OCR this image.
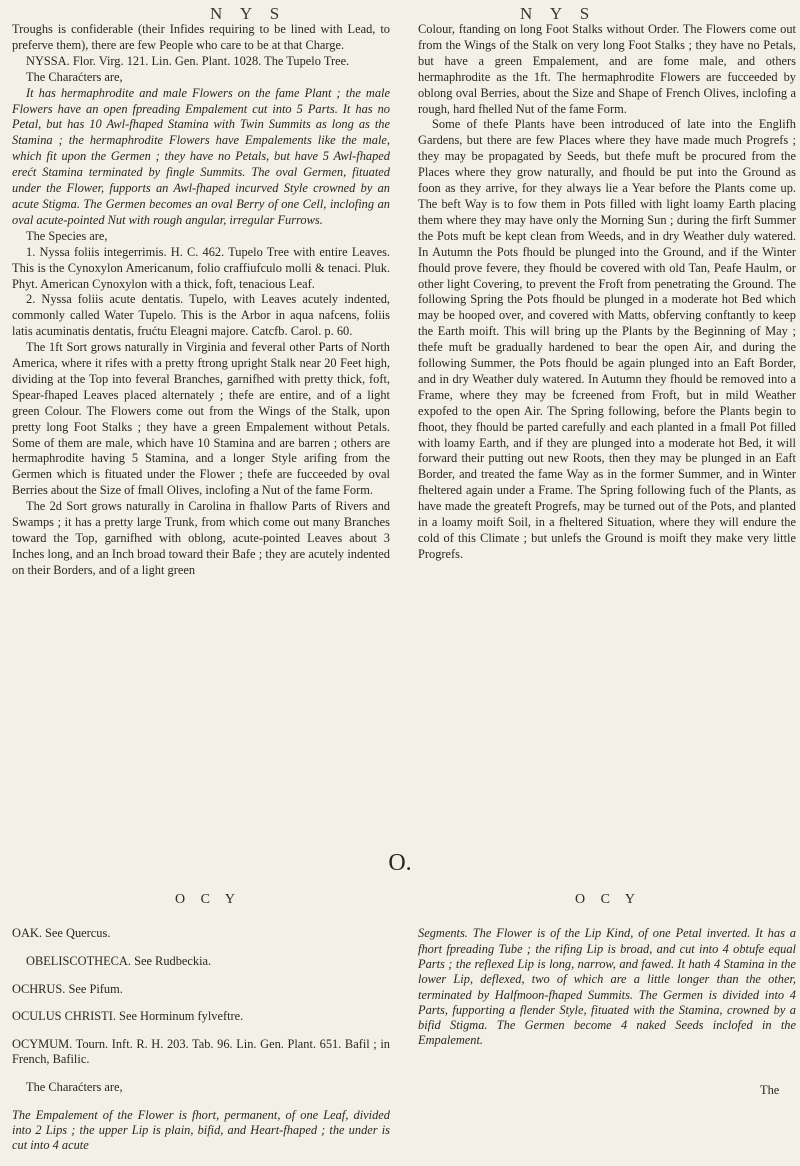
N Y S	N Y S

Troughs is confiderable (their Infides requiring to be lined with Lead, to preferve them), there are few People who care to be at that Charge.

NYSSA. Flor. Virg. 121. Lin. Gen. Plant. 1028. The Tupelo Tree.

The Charaćters are,

It has hermaphrodite and male Flowers on the fame Plant ; the male Flowers have an open fpreading Empalement cut into 5 Parts. It has no Petal, but has 10 Awl-fhaped Stamina with Twin Summits as long as the Stamina ; the hermaphrodite Flowers have Empalements like the male, which fit upon the Germen ; they have no Petals, but have 5 Awl-fhaped erećt Stamina terminated by fingle Summits. The oval Germen, fituated under the Flower, fupports an Awl-fhaped incurved Style crowned by an acute Stigma. The Germen becomes an oval Berry of one Cell, inclofing an oval acute-pointed Nut with rough angular, irregular Furrows.

The Species are,

1. Nyssa foliis integerrimis. H. C. 462. Tupelo Tree with entire Leaves. This is the Cynoxylon Americanum, folio craffiufculo molli & tenaci. Pluk. Phyt. American Cynoxylon with a thick, foft, tenacious Leaf.

2. Nyssa foliis acute dentatis. Tupelo, with Leaves acutely indented, commonly called Water Tupelo. This is the Arbor in aqua nafcens, foliis latis acuminatis dentatis, frućtu Eleagni majore. Catcfb. Carol. p. 60.

The 1ft Sort grows naturally in Virginia and feveral other Parts of North America, where it rifes with a pretty ftrong upright Stalk near 20 Feet high, dividing at the Top into feveral Branches, garnifhed with pretty thick, foft, Spear-fhaped Leaves placed alternately ; thefe are entire, and of a light green Colour. The Flowers come out from the Wings of the Stalk, upon pretty long Foot Stalks ; they have a green Empalement without Petals. Some of them are male, which have 10 Stamina and are barren ; others are hermaphrodite having 5 Stamina, and a longer Style arifing from the Germen which is fituated under the Flower ; thefe are fucceeded by oval Berries about the Size of fmall Olives, inclofing a Nut of the fame Form.

The 2d Sort grows naturally in Carolina in fhallow Parts of Rivers and Swamps ; it has a pretty large Trunk, from which come out many Branches toward the Top, garnifhed with oblong, acute-pointed Leaves about 3 Inches long, and an Inch broad toward their Bafe ; they are acutely indented on their Borders, and of a light green

Colour, ftanding on long Foot Stalks without Order. The Flowers come out from the Wings of the Stalk on very long Foot Stalks ; they have no Petals, but have a green Empalement, and are fome male, and others hermaphrodite as the 1ft. The hermaphrodite Flowers are fucceeded by oblong oval Berries, about the Size and Shape of French Olives, inclofing a rough, hard fhelled Nut of the fame Form.

Some of thefe Plants have been introduced of late into the Englifh Gardens, but there are few Places where they have made much Progrefs ; they may be propagated by Seeds, but thefe muft be procured from the Places where they grow naturally, and fhould be put into the Ground as foon as they arrive, for they always lie a Year before the Plants come up. The beft Way is to fow them in Pots filled with light loamy Earth placing them where they may have only the Morning Sun ; during the firft Summer the Pots muft be kept clean from Weeds, and in dry Weather duly watered. In Autumn the Pots fhould be plunged into the Ground, and if the Winter fhould prove fevere, they fhould be covered with old Tan, Peafe Haulm, or other light Covering, to prevent the Froft from penetrating the Ground. The following Spring the Pots fhould be plunged in a moderate hot Bed which may be hooped over, and covered with Matts, obferving conftantly to keep the Earth moift. This will bring up the Plants by the Beginning of May ; thefe muft be gradually hardened to bear the open Air, and during the following Summer, the Pots fhould be again plunged into an Eaft Border, and in dry Weather duly watered. In Autumn they fhould be removed into a Frame, where they may be fcreened from Froft, but in mild Weather expofed to the open Air. The Spring following, before the Plants begin to fhoot, they fhould be parted carefully and each planted in a fmall Pot filled with loamy Earth, and if they are plunged into a moderate hot Bed, it will forward their putting out new Roots, then they may be plunged in an Eaft Border, and treated the fame Way as in the former Summer, and in Winter fheltered again under a Frame. The Spring following fuch of the Plants, as have made the greateft Progrefs, may be turned out of the Pots, and planted in a loamy moift Soil, in a fheltered Situation, where they will endure the cold of this Climate ; but unlefs the Ground is moift they make very little Progrefs.

O.
O C Y	O C Y

OAK. See Quercus.

OBELISCOTHECA. See Rudbeckia.

OCHRUS. See Pifum.

OCULUS CHRISTI. See Horminum fylveftre.

OCYMUM. Tourn. Inft. R. H. 203. Tab. 96. Lin. Gen. Plant. 651. Bafil ; in French, Bafilic.

The Charaćters are,

The Empalement of the Flower is fhort, permanent, of one Leaf, divided into 2 Lips ; the upper Lip is plain, bifid, and Heart-fhaped ; the under is cut into 4 acute

Segments. The Flower is of the Lip Kind, of one Petal inverted. It has a fhort fpreading Tube ; the rifing Lip is broad, and cut into 4 obtufe equal Parts ; the reflexed Lip is long, narrow, and fawed. It hath 4 Stamina in the lower Lip, deflexed, two of which are a little longer than the other, terminated by Halfmoon-fhaped Summits. The Germen is divided into 4 Parts, fupporting a flender Style, fituated with the Stamina, crowned by a bifid Stigma. The Germen become 4 naked Seeds inclofed in the Empalement.

The
